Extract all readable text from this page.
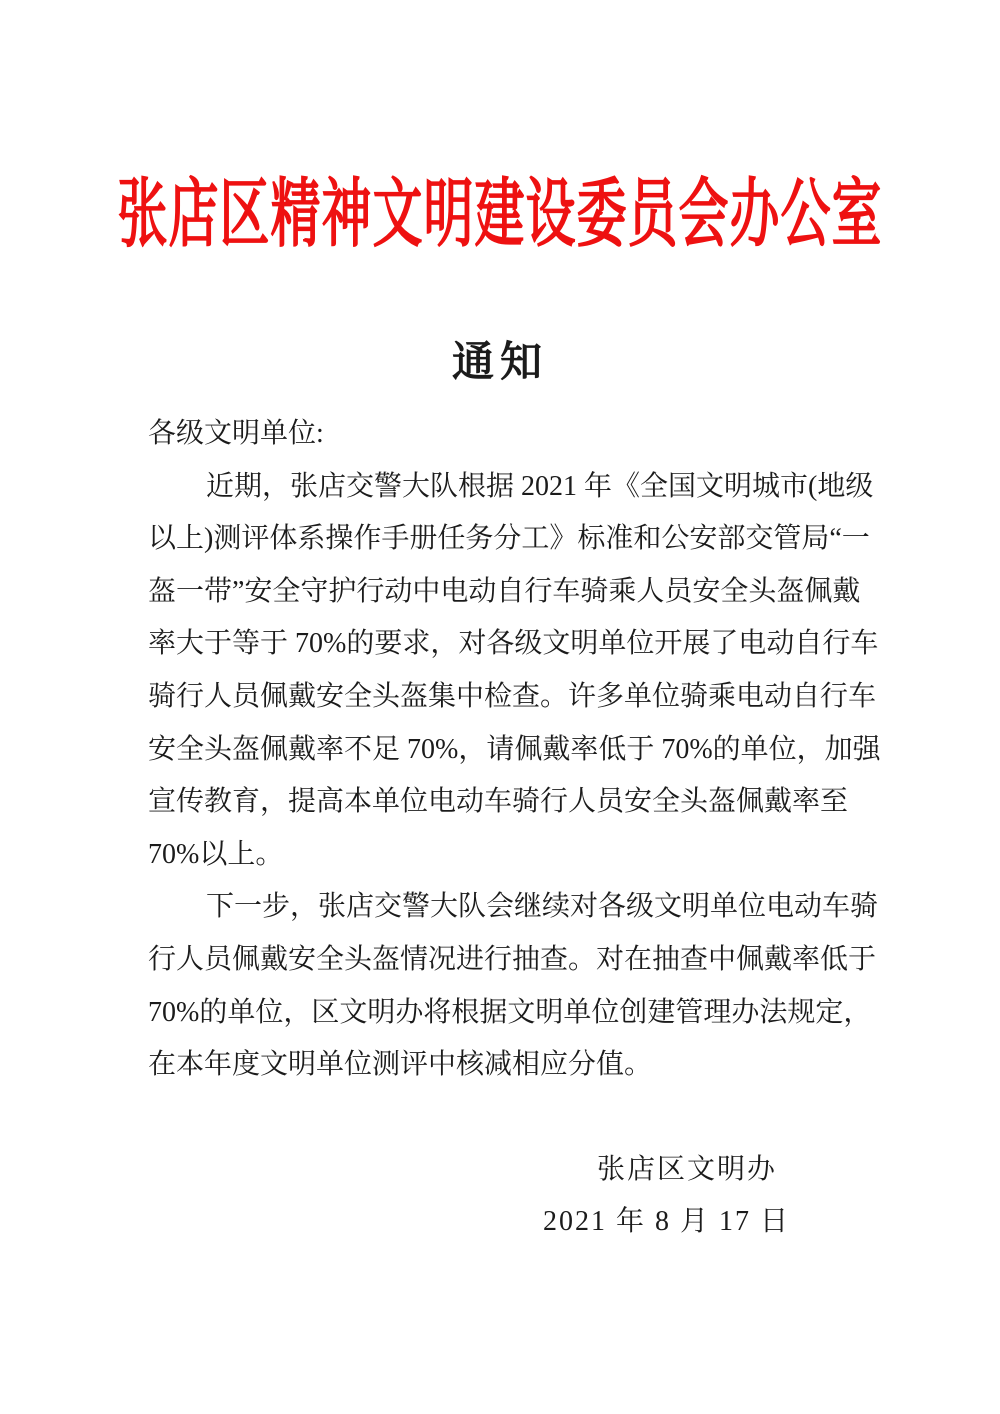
张店区精神文明建设委员会办公室
通知
各级文明单位:
近期，张店交警大队根据 2021 年《全国文明城市(地级
以上)测评体系操作手册任务分工》标准和公安部交管局“一
盔一带”安全守护行动中电动自行车骑乘人员安全头盔佩戴
率大于等于 70%的要求，对各级文明单位开展了电动自行车
骑行人员佩戴安全头盔集中检查。许多单位骑乘电动自行车
安全头盔佩戴率不足 70%，请佩戴率低于 70%的单位，加强
宣传教育，提高本单位电动车骑行人员安全头盔佩戴率至
70%以上。
下一步，张店交警大队会继续对各级文明单位电动车骑
行人员佩戴安全头盔情况进行抽查。对在抽查中佩戴率低于
70%的单位，区文明办将根据文明单位创建管理办法规定，
在本年度文明单位测评中核减相应分值。
张店区文明办
2021 年 8 月 17 日
